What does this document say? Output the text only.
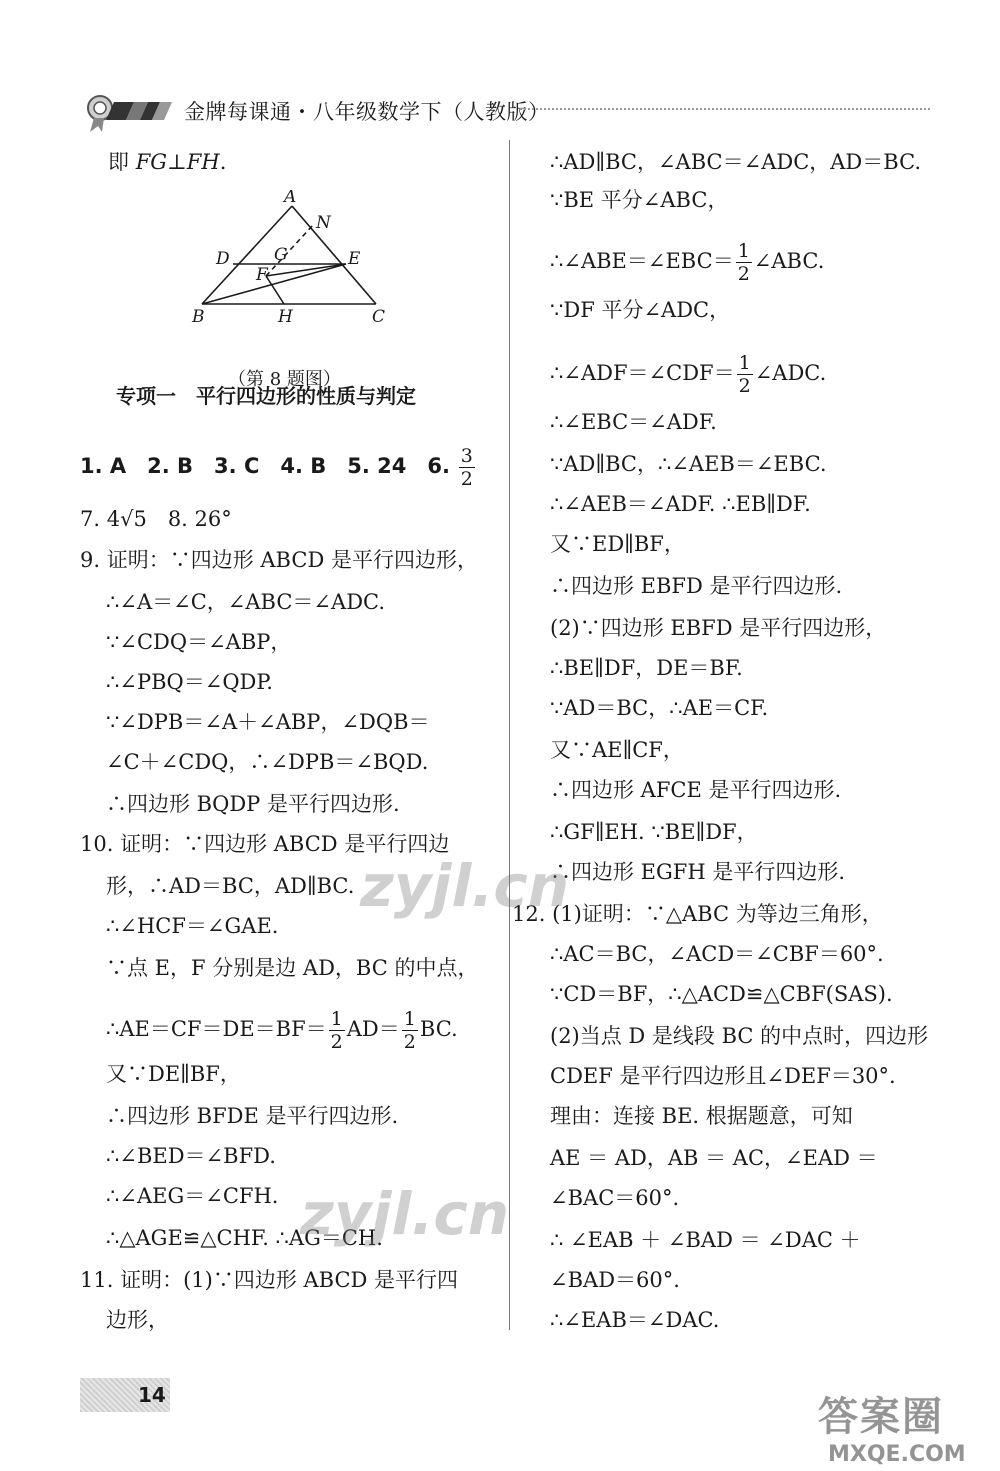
金牌每课通・八年级数学下（人教版）
即 FG⊥FH.
A
N
D	G	E
F
B	H	C
（第 8 题图）
专项一　平行四边形的性质与判定
1. A　2. B　3. C　4. B　5. 24　6. $\frac{3}{2}$
7. 4√5　8. 26°
9. 证明：∵四边形 ABCD 是平行四边形，
∴∠A＝∠C，∠ABC＝∠ADC.
∵∠CDQ＝∠ABP，
∴∠PBQ＝∠QDP.
∵∠DPB＝∠A＋∠ABP，∠DQB＝
∠C＋∠CDQ，∴∠DPB＝∠BQD.
∴四边形 BQDP 是平行四边形.
10. 证明：∵四边形 ABCD 是平行四边
形，∴AD＝BC，AD∥BC.
∴∠HCF＝∠GAE.
∵点 E，F 分别是边 AD，BC 的中点，
∴AE＝CF＝DE＝BF＝ $\frac{1}{2} AD= \frac{1}{2}$ BC.
又∵DE∥BF，
∴四边形 BFDE 是平行四边形.
∴∠BED＝∠BFD.
∴∠AEG＝∠CFH.
∴△AGE≌△CHF. ∴AG＝CH.
11. 证明：(1)∵四边形 ABCD 是平行四
边形，
∴AD∥BC，∠ABC＝∠ADC，AD＝BC.
∵BE 平分∠ABC，
∴∠ABE＝∠EBC＝ $\frac{1}{2}$ ∠ABC.
∵DF 平分∠ADC，
∴∠ADF＝∠CDF＝ $\frac{1}{2}$ ∠ADC.
∴∠EBC＝∠ADF.
∵AD∥BC，∴∠AEB＝∠EBC.
∴∠AEB＝∠ADF. ∴EB∥DF.
又∵ED∥BF，
∴四边形 EBFD 是平行四边形.
(2)∵四边形 EBFD 是平行四边形，
∴BE∥DF，DE＝BF.
∵AD＝BC，∴AE＝CF.
又∵AE∥CF，
∴四边形 AFCE 是平行四边形.
∴GF∥EH. ∵BE∥DF，
∴四边形 EGFH 是平行四边形.
12. (1)证明：∵△ABC 为等边三角形，
∴AC＝BC，∠ACD＝∠CBF＝60°.
∵CD＝BF，∴△ACD≌△CBF(SAS).
(2)当点 D 是线段 BC 的中点时，四边形
CDEF 是平行四边形且∠DEF＝30°.
理由：连接 BE. 根据题意，可知
AE ＝ AD，AB ＝ AC，∠EAD ＝
∠BAC＝60°.
∴ ∠EAB ＋ ∠BAD ＝ ∠DAC ＋
∠BAD＝60°.
∴∠EAB＝∠DAC.
zyjl.cn
zyjl.cn
14	答案圈
MXQE.COM
